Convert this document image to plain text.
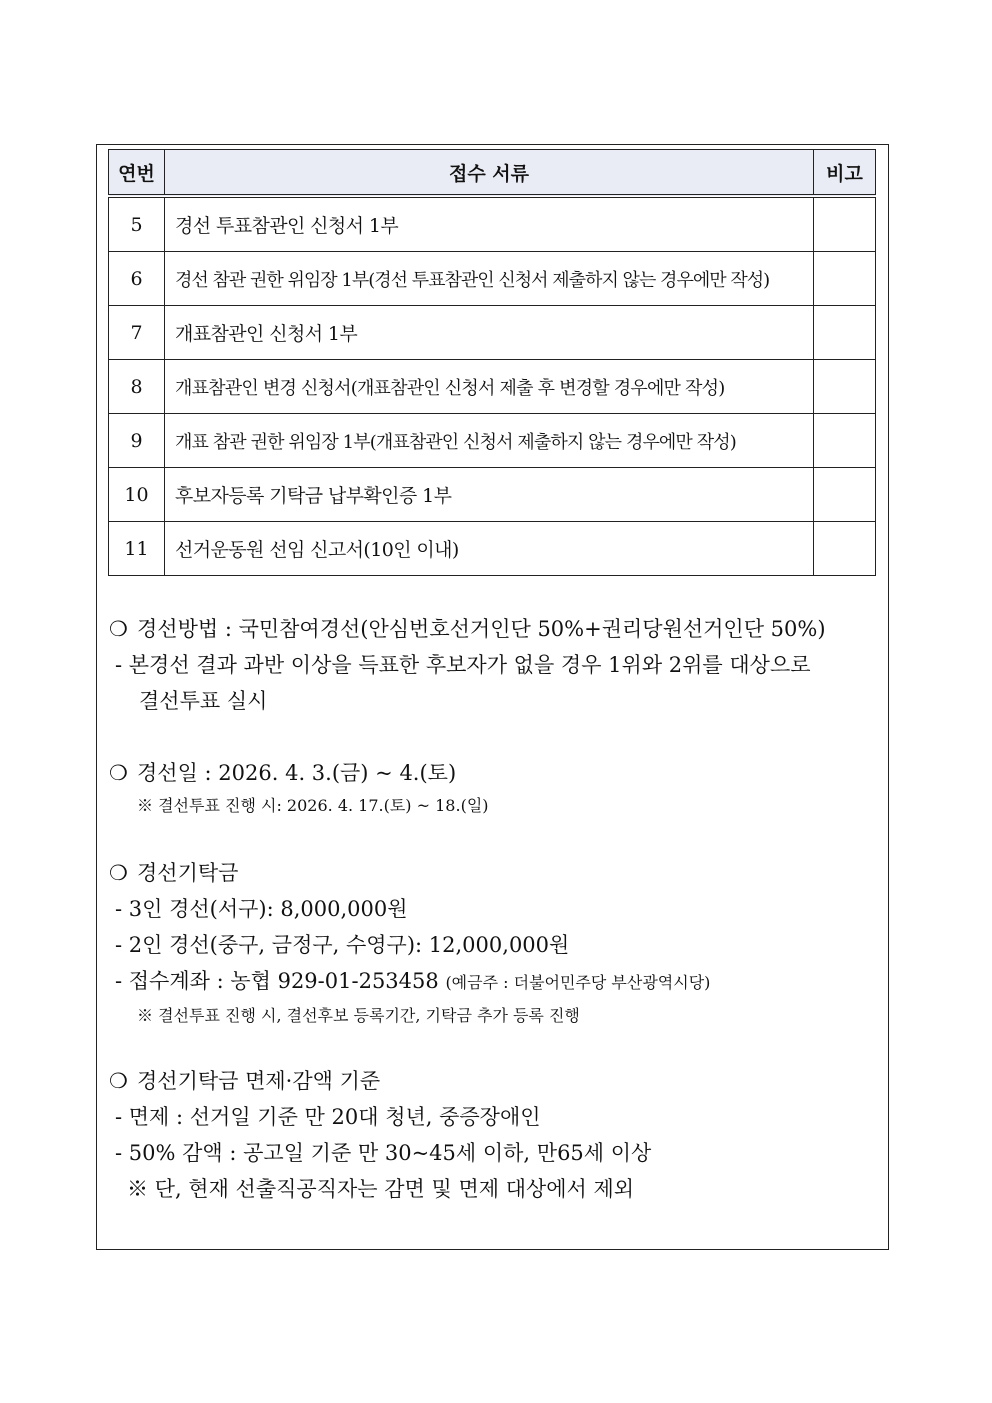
연번	접수 서류	비고
5	경선 투표참관인 신청서 1부	
6	경선 참관 권한 위임장 1부(경선 투표참관인 신청서 제출하지 않는 경우에만 작성)	
7	개표참관인 신청서 1부	
8	개표참관인 변경 신청서(개표참관인 신청서 제출 후 변경할 경우에만 작성)	
9	개표 참관 권한 위임장 1부(개표참관인 신청서 제출하지 않는 경우에만 작성)	
10	후보자등록 기탁금 납부확인증 1부	
11	선거운동원 선임 신고서(10인 이내)	
❍ 경선방법 : 국민참여경선(안심번호선거인단 50%+권리당원선거인단 50%)
- 본경선 결과 과반 이상을 득표한 후보자가 없을 경우 1위와 2위를 대상으로
결선투표 실시
❍ 경선일 : 2026. 4. 3.(금) ~ 4.(토)
※ 결선투표 진행 시: 2026. 4. 17.(토) ~ 18.(일)
❍ 경선기탁금
- 3인 경선(서구): 8,000,000원
- 2인 경선(중구, 금정구, 수영구): 12,000,000원
- 접수계좌 : 농협 929-01-253458 (예금주 : 더불어민주당 부산광역시당)
※ 결선투표 진행 시, 결선후보 등록기간, 기탁금 추가 등록 진행
❍ 경선기탁금 면제·감액 기준
- 면제 : 선거일 기준 만 20대 청년, 중증장애인
- 50% 감액 : 공고일 기준 만 30~45세 이하, 만65세 이상
※ 단, 현재 선출직공직자는 감면 및 면제 대상에서 제외
